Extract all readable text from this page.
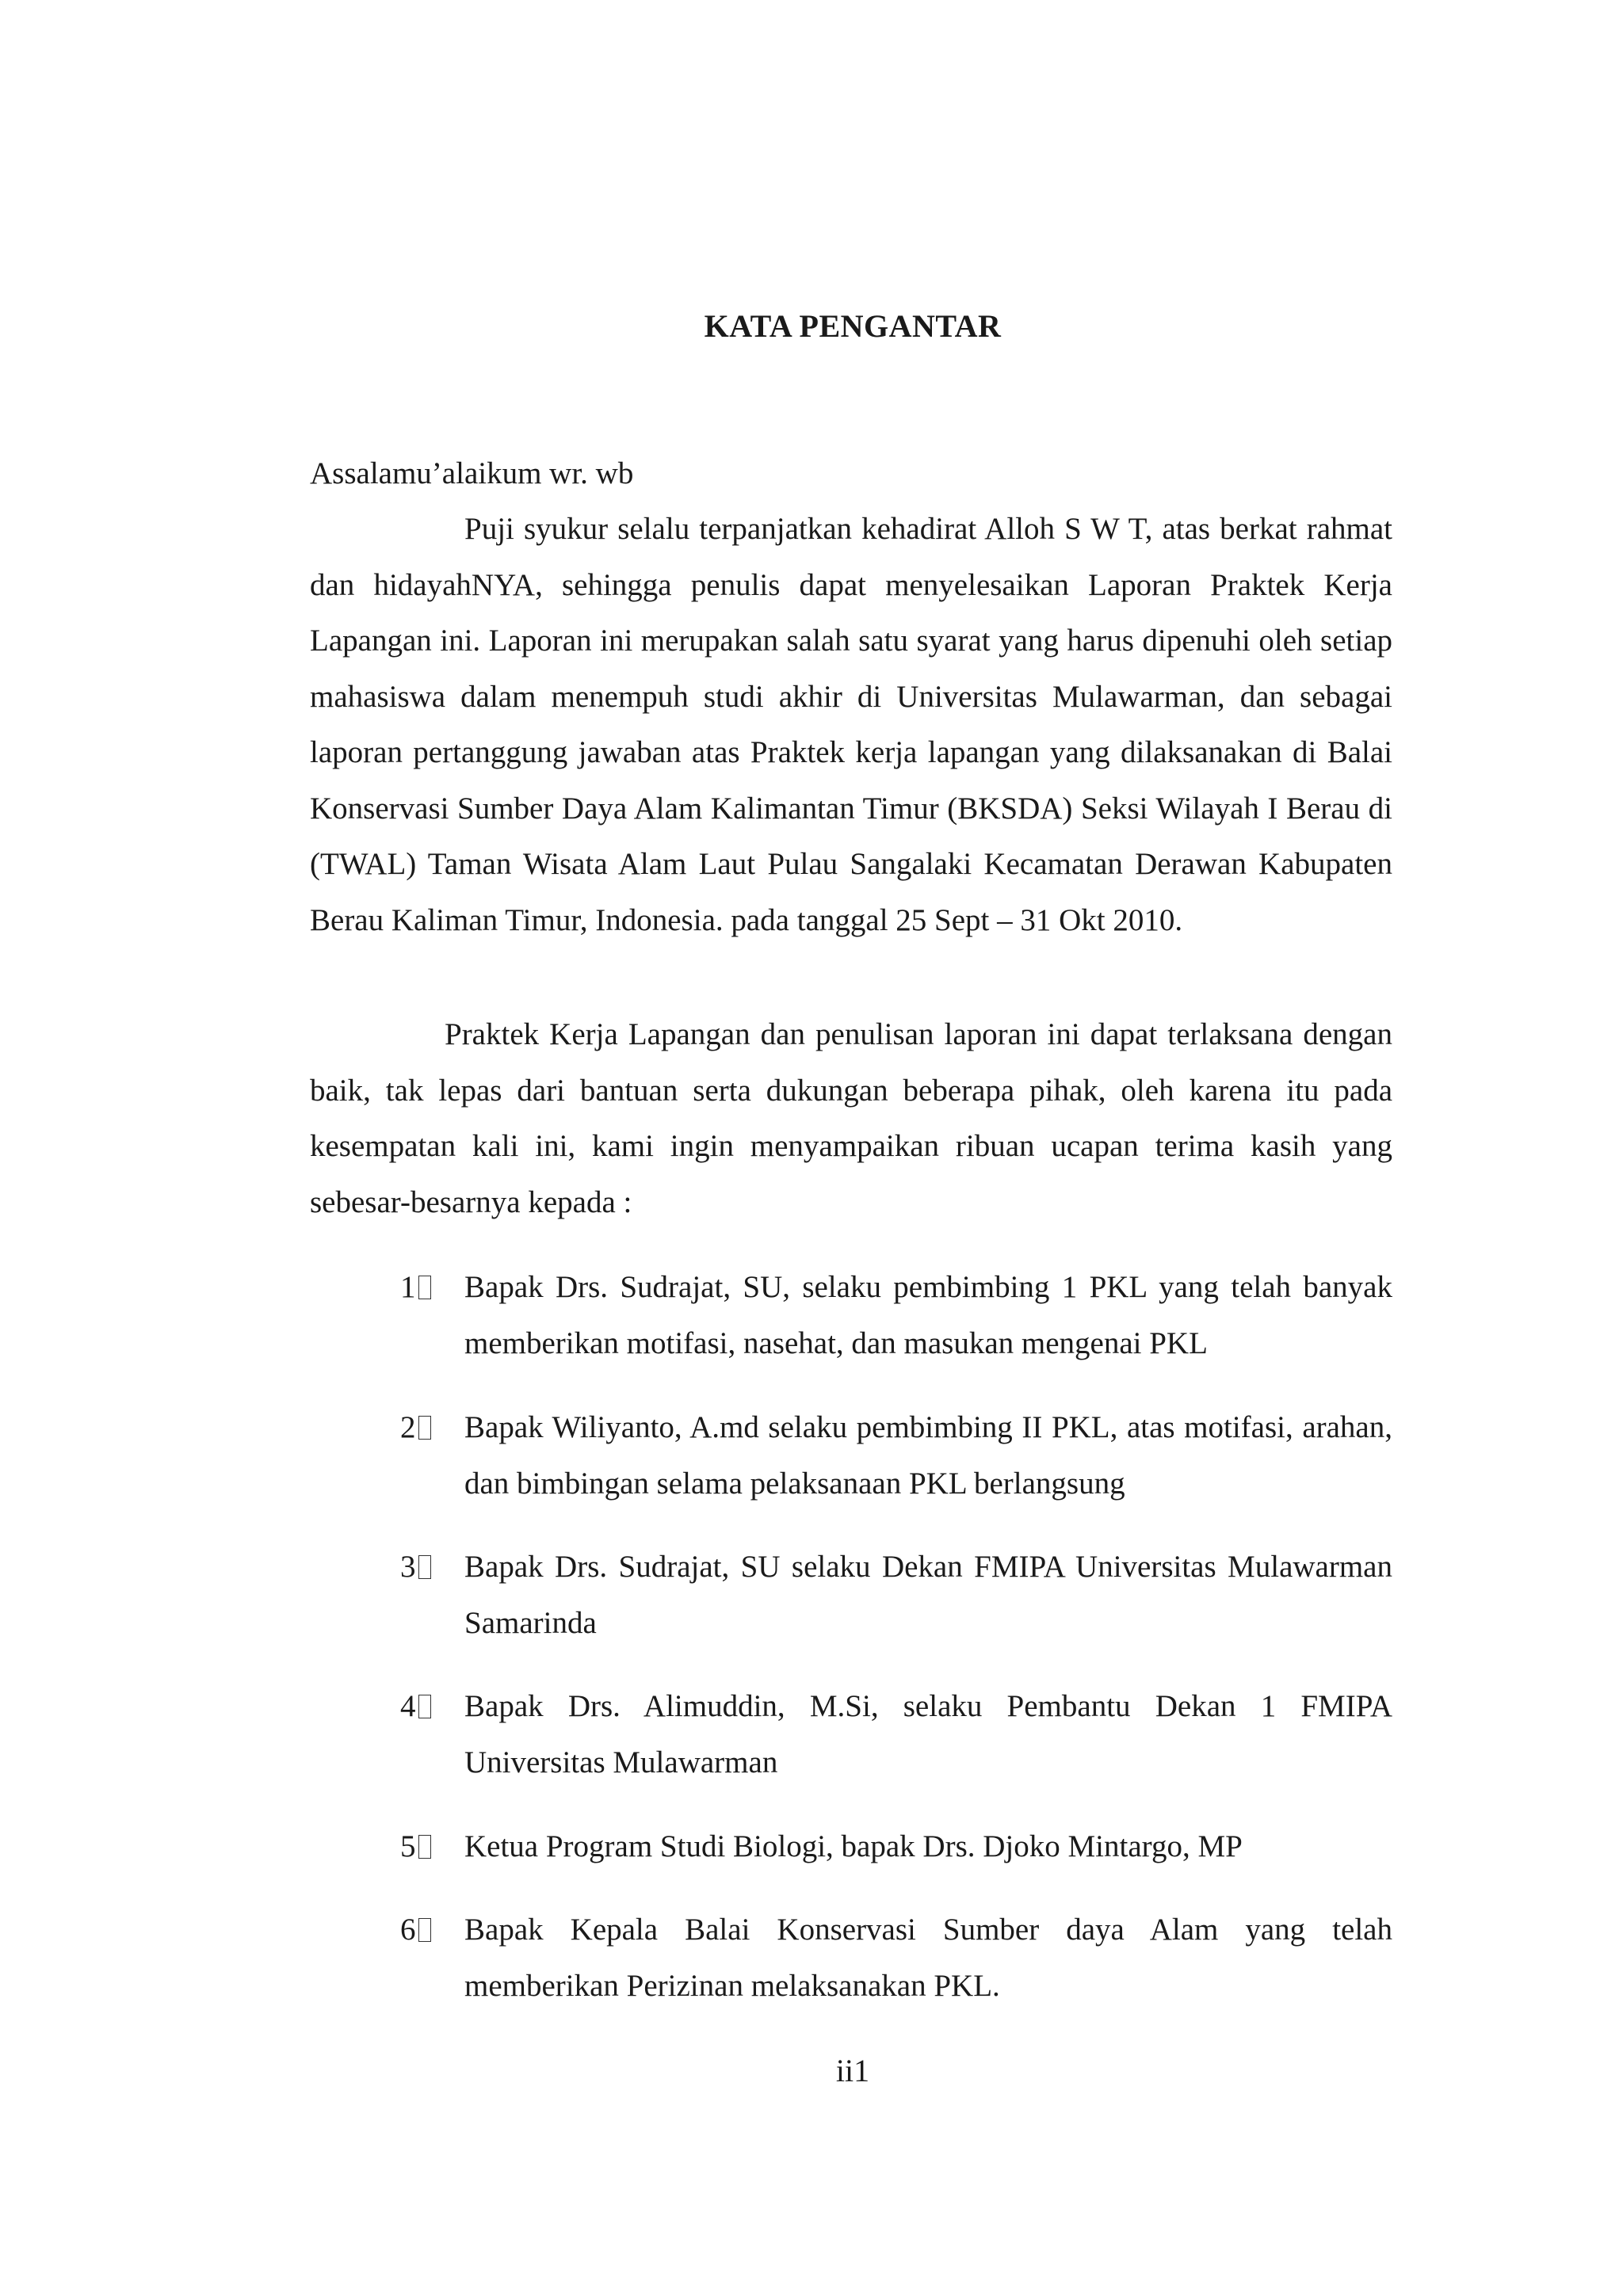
KATA PENGANTAR
Assalamu’alaikum wr. wb
Puji syukur selalu terpanjatkan kehadirat Alloh S W T, atas berkat rahmat dan hidayahNYA, sehingga penulis dapat menyelesaikan Laporan Praktek Kerja Lapangan ini. Laporan ini merupakan salah satu syarat yang harus dipenuhi oleh setiap mahasiswa dalam menempuh studi akhir di Universitas Mulawarman, dan sebagai laporan pertanggung jawaban atas Praktek kerja lapangan yang dilaksanakan di Balai Konservasi Sumber Daya Alam Kalimantan Timur (BKSDA) Seksi Wilayah I Berau di (TWAL) Taman Wisata Alam Laut Pulau Sangalaki Kecamatan Derawan Kabupaten Berau Kaliman Timur, Indonesia. pada tanggal 25 Sept – 31 Okt 2010.
Praktek Kerja Lapangan dan penulisan laporan ini dapat terlaksana dengan baik, tak lepas dari bantuan serta dukungan beberapa pihak, oleh karena itu pada kesempatan kali ini, kami ingin menyampaikan ribuan ucapan terima kasih yang sebesar-besarnya kepada :
1	Bapak Drs. Sudrajat, SU, selaku pembimbing 1 PKL yang telah banyak memberikan motifasi, nasehat, dan masukan mengenai PKL
2	Bapak Wiliyanto, A.md selaku pembimbing II PKL, atas motifasi, arahan, dan bimbingan selama pelaksanaan PKL berlangsung
3	Bapak Drs. Sudrajat, SU selaku Dekan FMIPA Universitas Mulawarman Samarinda
4	Bapak Drs. Alimuddin, M.Si, selaku Pembantu Dekan 1 FMIPA Universitas Mulawarman
5	Ketua Program Studi Biologi, bapak Drs. Djoko Mintargo, MP
6	Bapak Kepala Balai Konservasi Sumber daya Alam yang telah memberikan Perizinan melaksanakan PKL.
ii1
